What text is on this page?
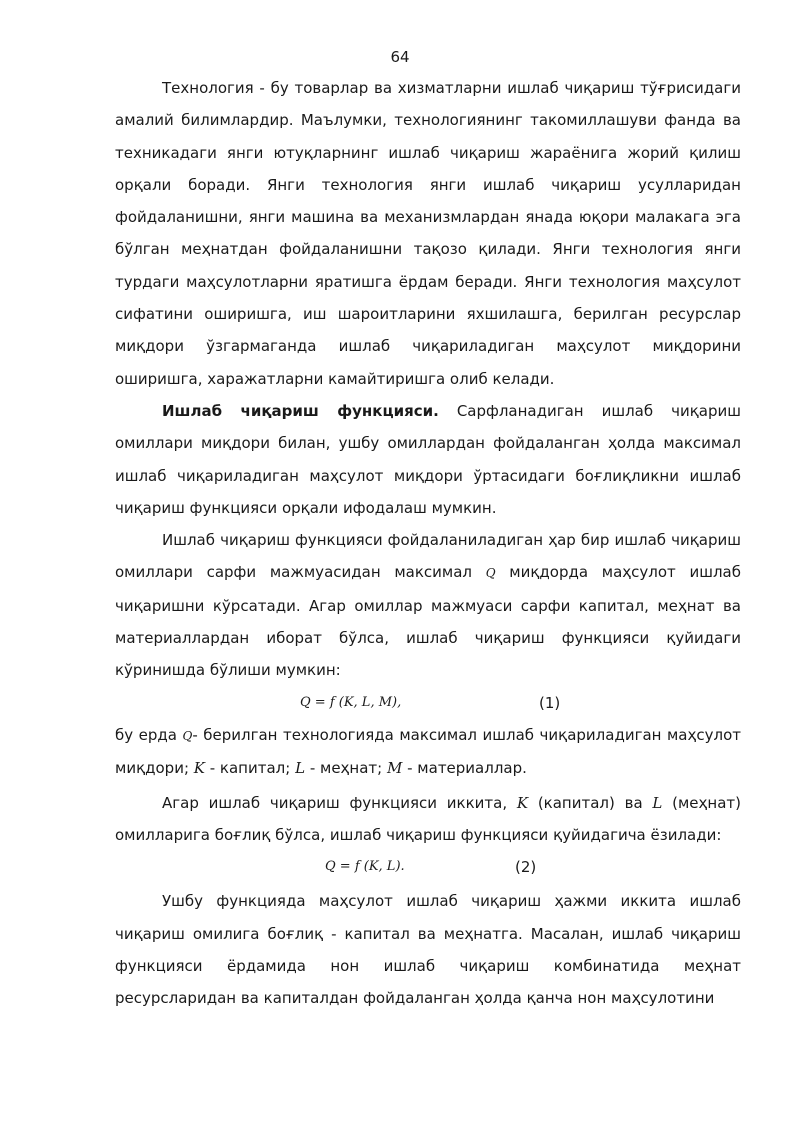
64

Технология - бу товарлар ва хизматларни ишлаб чиқариш тўғрисидаги амалий билимлардир. Маълумки, технологиянинг такомиллашуви фанда ва техникадаги янги ютуқларнинг ишлаб чиқариш жараёнига жорий қилиш орқали боради. Янги технология янги ишлаб чиқариш усулларидан фойдаланишни, янги машина ва механизмлардан янада юқори малакага эга бўлган меҳнатдан фойдаланишни тақозо қилади. Янги технология янги турдаги маҳсулотларни яратишга ёрдам беради. Янги технология маҳсулот сифатини оширишга, иш шароитларини яхшилашга, берилган ресурслар миқдори ўзгармаганда ишлаб чиқариладиган маҳсулот миқдорини оширишга, харажатларни камайтиришга олиб келади.

Ишлаб чиқариш функцияси. Сарфланадиган ишлаб чиқариш омиллари миқдори билан, ушбу омиллардан фойдаланган ҳолда максимал ишлаб чиқариладиган маҳсулот миқдори ўртасидаги боғлиқликни ишлаб чиқариш функцияси орқали ифодалаш мумкин.

Ишлаб чиқариш функцияси фойдаланиладиган ҳар бир ишлаб чиқариш омиллари сарфи мажмуасидан максимал Q миқдорда маҳсулот ишлаб чиқаришни кўрсатади. Агар омиллар мажмуаси сарфи капитал, меҳнат ва материаллардан иборат бўлса, ишлаб чиқариш функцияси қуйидаги кўринишда бўлиши мумкин:

Q = f (K, L, M),	(1)

бу ерда Q- берилган технологияда максимал ишлаб чиқариладиган маҳсулот миқдори; K - капитал; L - меҳнат; M - материаллар.

Агар ишлаб чиқариш функцияси иккита, K (капитал) ва L (меҳнат) омилларига боғлиқ бўлса, ишлаб чиқариш функцияси қуйидагича ёзилади:

Q = f (K, L).	(2)

Ушбу функцияда маҳсулот ишлаб чиқариш ҳажми иккита ишлаб чиқариш омилига боғлиқ - капитал ва меҳнатга. Масалан, ишлаб чиқариш функцияси ёрдамида нон ишлаб чиқариш комбинатида меҳнат ресурсларидан ва капиталдан фойдаланган ҳолда қанча нон маҳсулотини
